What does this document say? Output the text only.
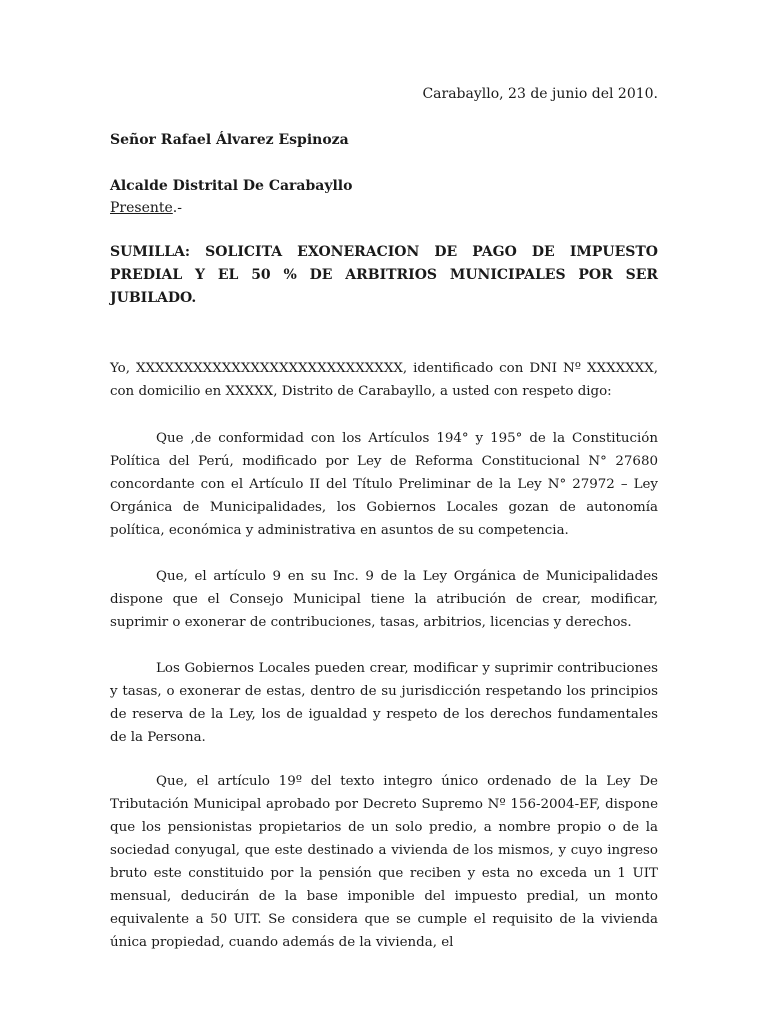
Carabayllo, 23 de junio del 2010.
Señor Rafael Álvarez Espinoza
Alcalde Distrital De Carabayllo
Presente.-
SUMILLA: SOLICITA EXONERACION DE PAGO DE IMPUESTO PREDIAL Y EL 50 % DE ARBITRIOS MUNICIPALES POR SER JUBILADO.

Yo, XXXXXXXXXXXXXXXXXXXXXXXXXXXX, identificado con DNI Nº XXXXXXX, con domicilio en XXXXX, Distrito de Carabayllo, a usted con respeto digo:

Que ,de conformidad con los Artículos 194° y 195° de la Constitución Política del Perú, modificado por Ley de Reforma Constitucional N° 27680 concordante con el Artículo II del Título Preliminar de la Ley N° 27972 – Ley Orgánica de Municipalidades, los Gobiernos Locales gozan de autonomía política, económica y administrativa en asuntos de su competencia.

Que, el artículo 9 en su Inc. 9 de la Ley Orgánica de Municipalidades dispone que el Consejo Municipal tiene la atribución de crear, modificar, suprimir o exonerar de contribuciones, tasas, arbitrios, licencias y derechos.

Los Gobiernos Locales pueden crear, modificar y suprimir contribuciones y tasas, o exonerar de estas, dentro de su jurisdicción respetando los principios de reserva de la Ley, los de igualdad y respeto de los derechos fundamentales de la Persona.

Que, el artículo 19º del texto integro único ordenado de la Ley De Tributación Municipal aprobado por Decreto Supremo Nº 156-2004-EF, dispone que los pensionistas propietarios de un solo predio, a nombre propio o de la sociedad conyugal, que este destinado a vivienda de los mismos, y cuyo ingreso bruto este constituido por la pensión que reciben y esta no exceda un 1 UIT mensual, deducirán de la base imponible del impuesto predial, un monto equivalente a 50 UIT. Se considera que se cumple el requisito de la vivienda única propiedad, cuando además de la vivienda, el
